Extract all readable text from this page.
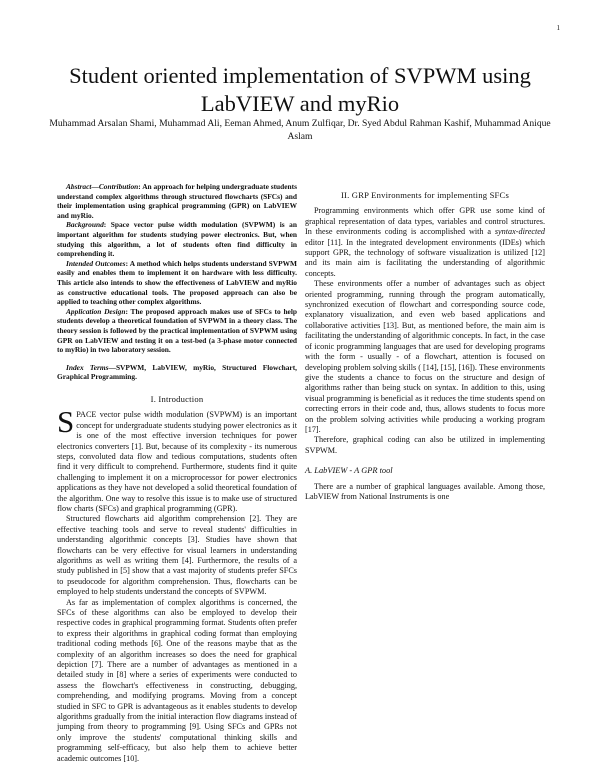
1
Student oriented implementation of SVPWM using LabVIEW and myRio
Muhammad Arsalan Shami, Muhammad Ali, Eeman Ahmed, Anum Zulfiqar, Dr. Syed Abdul Rahman Kashif, Muhammad Anique Aslam

Abstract—Contribution: An approach for helping undergraduate students understand complex algorithms through structured flowcharts (SFCs) and their implementation using graphical programming (GPR) on LabVIEW and myRio.

Background: Space vector pulse width modulation (SVPWM) is an important algorithm for students studying power electronics. But, when studying this algorithm, a lot of students often find difficulty in comprehending it.

Intended Outcomes: A method which helps students understand SVPWM easily and enables them to implement it on hardware with less difficulty. This article also intends to show the effectiveness of LabVIEW and myRio as constructive educational tools. The proposed approach can also be applied to teaching other complex algorithms.

Application Design: The proposed approach makes use of SFCs to help students develop a theoretical foundation of SVPWM in a theory class. The theory session is followed by the practical implementation of SVPWM using GPR on LabVIEW and testing it on a test-bed (a 3-phase motor connected to myRio) in two laboratory session.

Index Terms—SVPWM, LabVIEW, myRio, Structured Flowchart, Graphical Programming.

I. Introduction

SPACE vector pulse width modulation (SVPWM) is an important concept for undergraduate students studying power electronics as it is one of the most effective inversion techniques for power electronics converters [1]. But, because of its complexity - its numerous steps, convoluted data flow and tedious computations, students often find it very difficult to comprehend. Furthermore, students find it quite challenging to implement it on a microprocessor for power electronics applications as they have not developed a solid theoretical foundation of the algorithm. One way to resolve this issue is to make use of structured flow charts (SFCs) and graphical programming (GPR).

Structured flowcharts aid algorithm comprehension [2]. They are effective teaching tools and serve to reveal students' difficulties in understanding algorithmic concepts [3]. Studies have shown that flowcharts can be very effective for visual learners in understanding algorithms as well as writing them [4]. Furthermore, the results of a study published in [5] show that a vast majority of students prefer SFCs to pseudocode for algorithm comprehension. Thus, flowcharts can be employed to help students understand the concepts of SVPWM.

As far as implementation of complex algorithms is concerned, the SFCs of these algorithms can also be employed to develop their respective codes in graphical programming format. Students often prefer to express their algorithms in graphical coding format than employing traditional coding methods [6]. One of the reasons maybe that as the complexity of an algorithm increases so does the need for graphical depiction [7]. There are a number of advantages as mentioned in a detailed study in [8] where a series of experiments were conducted to assess the flowchart's effectiveness in constructing, debugging, comprehending, and modifying programs. Moving from a concept studied in SFC to GPR is advantageous as it enables students to develop algorithms gradually from the initial interaction flow diagrams instead of jumping from theory to programming [9]. Using SFCs and GPRs not only improve the students' computational thinking skills and programming self-efficacy, but also help them to achieve better academic outcomes [10].

II. GRP Environments for implementing SFCs

Programming environments which offer GPR use some kind of graphical representation of data types, variables and control structures. In these environments coding is accomplished with a syntax-directed editor [11]. In the integrated development environments (IDEs) which support GPR, the technology of software visualization is utilized [12] and its main aim is facilitating the understanding of algorithmic concepts.

These environments offer a number of advantages such as object oriented programming, running through the program automatically, synchronized execution of flowchart and corresponding source code, explanatory visualization, and even web based applications and collaborative activities [13]. But, as mentioned before, the main aim is facilitating the understanding of algorithmic concepts. In fact, in the case of iconic programming languages that are used for developing programs with the form - usually - of a flowchart, attention is focused on developing problem solving skills ( [14], [15], [16]). These environments give the students a chance to focus on the structure and design of algorithms rather than being stuck on syntax. In addition to this, using visual programming is beneficial as it reduces the time students spend on correcting errors in their code and, thus, allows students to focus more on the problem solving activities while producing a working program [17].

Therefore, graphical coding can also be utilized in implementing SVPWM.

A. LabVIEW - A GPR tool

There are a number of graphical languages available. Among those, LabVIEW from National Instruments is one
